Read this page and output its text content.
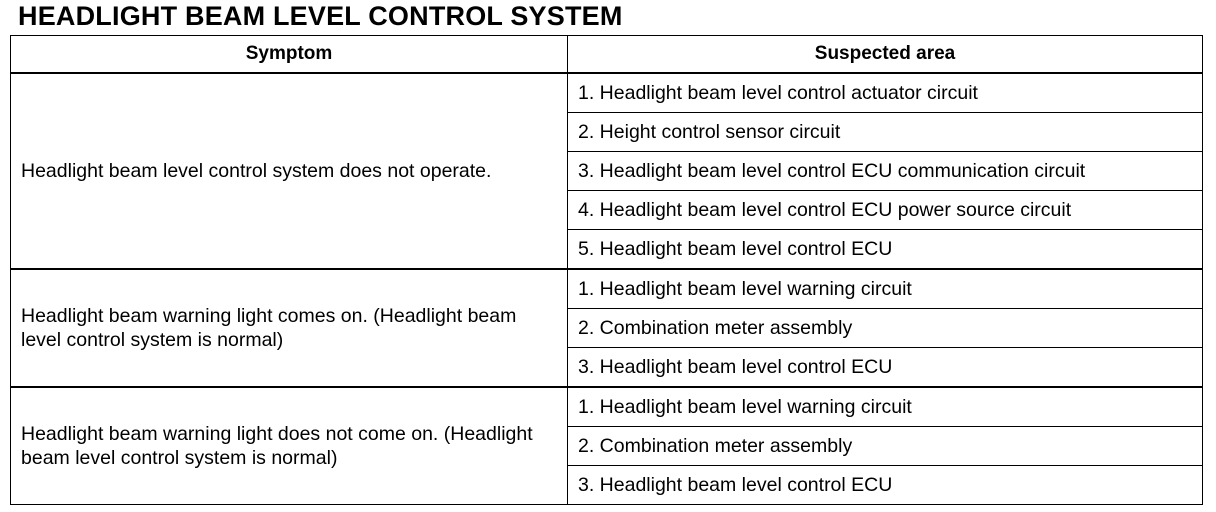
HEADLIGHT BEAM LEVEL CONTROL SYSTEM
Symptom	Suspected area
Headlight beam level control system does not operate.	1. Headlight beam level control actuator circuit
	2. Height control sensor circuit
	3. Headlight beam level control ECU communication circuit
	4. Headlight beam level control ECU power source circuit
	5. Headlight beam level control ECU
Headlight beam warning light comes on. (Headlight beam level control system is normal)	1. Headlight beam level warning circuit
	2. Combination meter assembly
	3. Headlight beam level control ECU
Headlight beam warning light does not come on. (Headlight beam level control system is normal)	1. Headlight beam level warning circuit
	2. Combination meter assembly
	3. Headlight beam level control ECU
